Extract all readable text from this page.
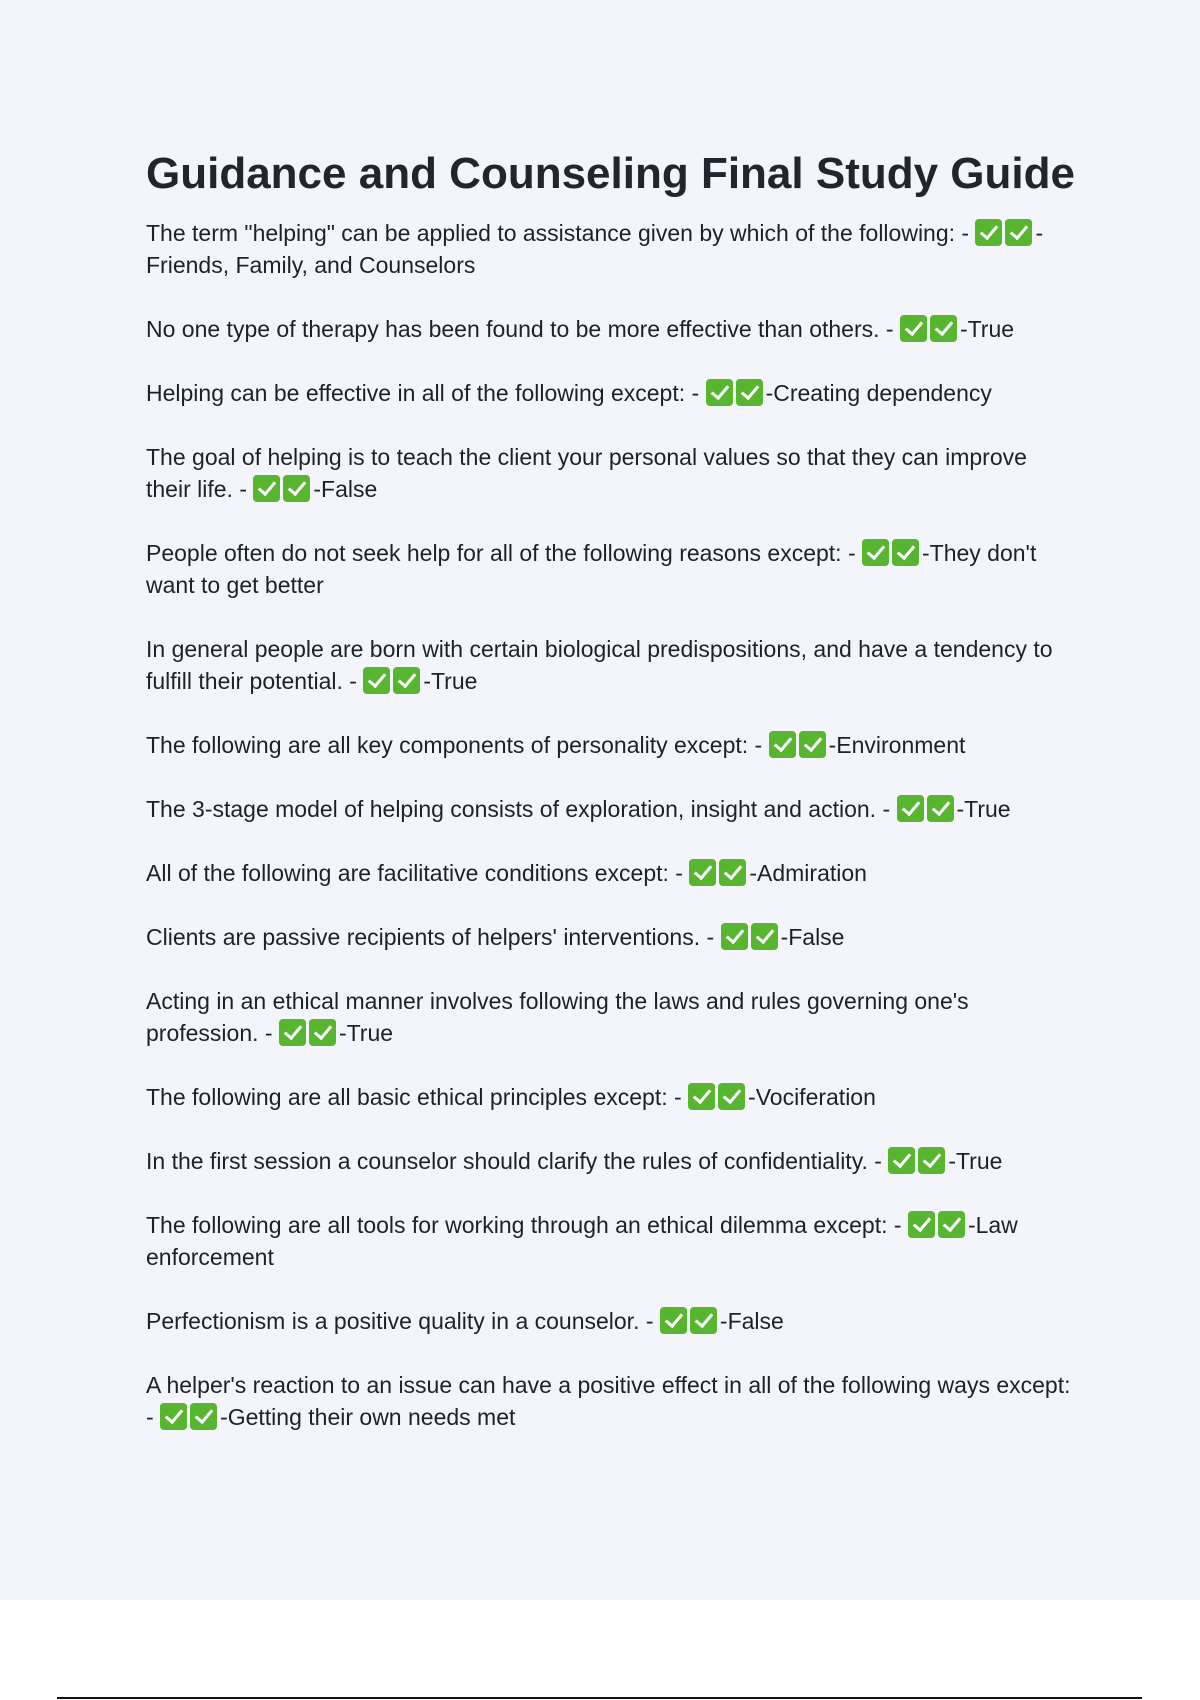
Guidance and Counseling Final Study Guide

The term "helping" can be applied to assistance given by which of the following: -	-Friends, Family, and Counselors

No one type of therapy has been found to be more effective than others. -	-True

Helping can be effective in all of the following except: -	-Creating dependency

The goal of helping is to teach the client your personal values so that they can improve their life. -	-False

People often do not seek help for all of the following reasons except: -	-They don't want to get better

In general people are born with certain biological predispositions, and have a tendency to fulfill their potential. -	-True

The following are all key components of personality except: -	-Environment

The 3-stage model of helping consists of exploration, insight and action. -	-True

All of the following are facilitative conditions except: -	-Admiration

Clients are passive recipients of helpers' interventions. -	-False

Acting in an ethical manner involves following the laws and rules governing one's profession. -	-True

The following are all basic ethical principles except: -	-Vociferation

In the first session a counselor should clarify the rules of confidentiality. -	-True

The following are all tools for working through an ethical dilemma except: -	-Law enforcement

Perfectionism is a positive quality in a counselor. -	-False

A helper's reaction to an issue can have a positive effect in all of the following ways except: -	-Getting their own needs met
